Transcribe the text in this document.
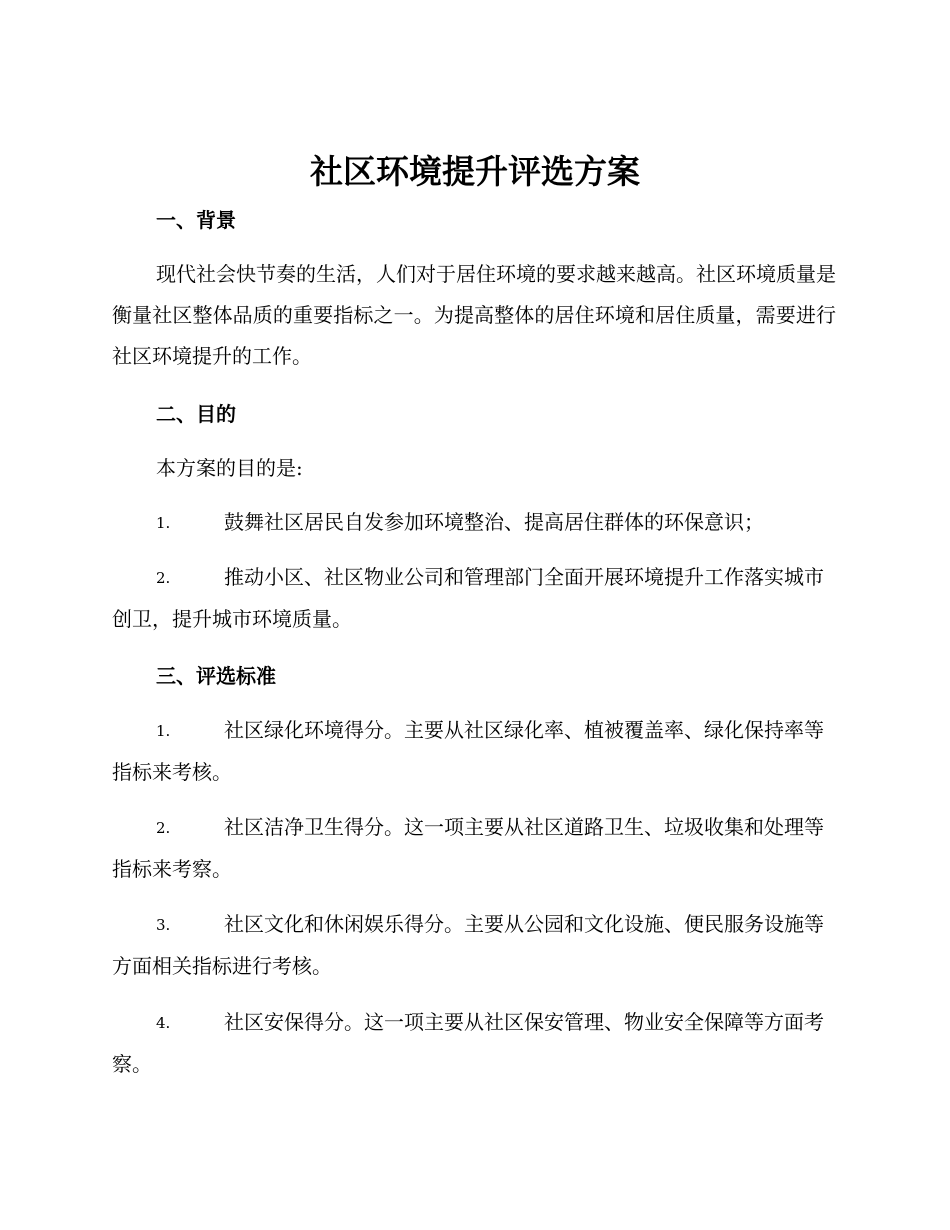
社区环境提升评选方案
一、背景

现代社会快节奏的生活，人们对于居住环境的要求越来越高。社区环境质量是衡量社区整体品质的重要指标之一。为提高整体的居住环境和居住质量，需要进行社区环境提升的工作。

二、目的

本方案的目的是:

1.	鼓舞社区居民自发参加环境整治、提高居住群体的环保意识；

2.	推动小区、社区物业公司和管理部门全面开展环境提升工作落实城市创卫，提升城市环境质量。

三、评选标准

1.	社区绿化环境得分。主要从社区绿化率、植被覆盖率、绿化保持率等指标来考核。

2.	社区洁净卫生得分。这一项主要从社区道路卫生、垃圾收集和处理等指标来考察。

3.	社区文化和休闲娱乐得分。主要从公园和文化设施、便民服务设施等方面相关指标进行考核。

4.	社区安保得分。这一项主要从社区保安管理、物业安全保障等方面考察。
